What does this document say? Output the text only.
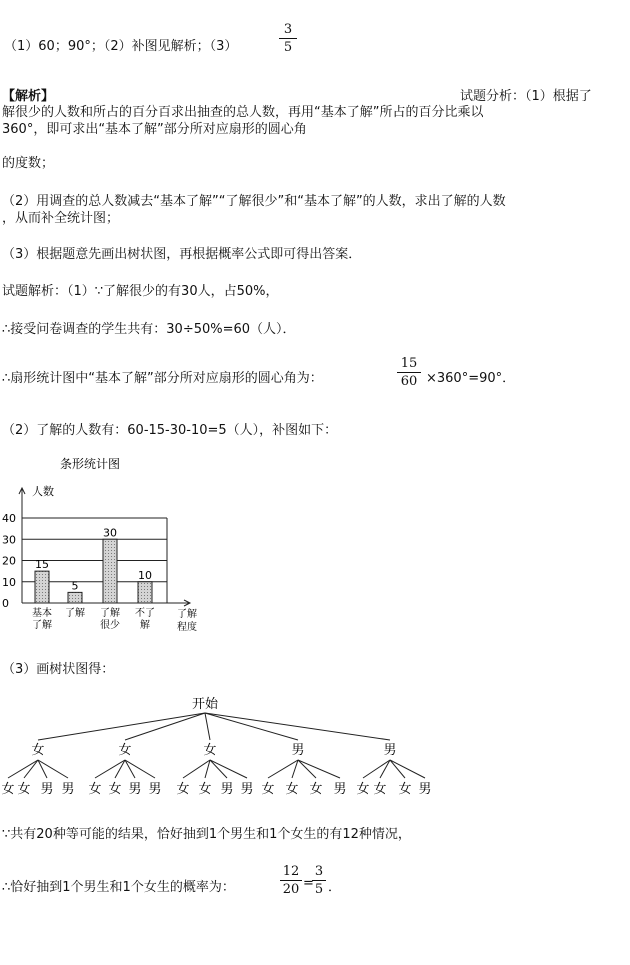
（1）60；90°；（2）补图见解析；（3）
3
5
【解析】	试题分析：（1）根据了
解很少的人数和所占的百分百求出抽查的总人数，再用“基本了解”所占的百分比乘以
360°，即可求出“基本了解”部分所对应扇形的圆心角
的度数；
（2）用调查的总人数减去“基本了解”“了解很少”和“基本了解”的人数，求出了解的人数
，从而补全统计图；
（3）根据题意先画出树状图，再根据概率公式即可得出答案．
试题解析：（1）∵了解很少的有30人，占50%，
∴接受问卷调查的学生共有：30÷50%=60（人）．
∴扇形统计图中“基本了解”部分所对应扇形的圆心角为：
15
60 ×360°=90°．
（2）了解的人数有：60-15-30-10=5（人），补图如下：
条形统计图
0
10
20
30
40
人数
了解
程度
15
基本
了解
5
了解
30
了解
很少
10
不了
解
（3）画树状图得：
开始
女
女 女 男 男
女
女 女 男 男
女
女 女 男 男
男
女 女 女 男
男
女 女 女 男
∵共有20种等可能的结果，恰好抽到1个男生和1个女生的有12种情况，
∴恰好抽到1个男生和1个女生的概率为：
12
20 =
3
5 ．
